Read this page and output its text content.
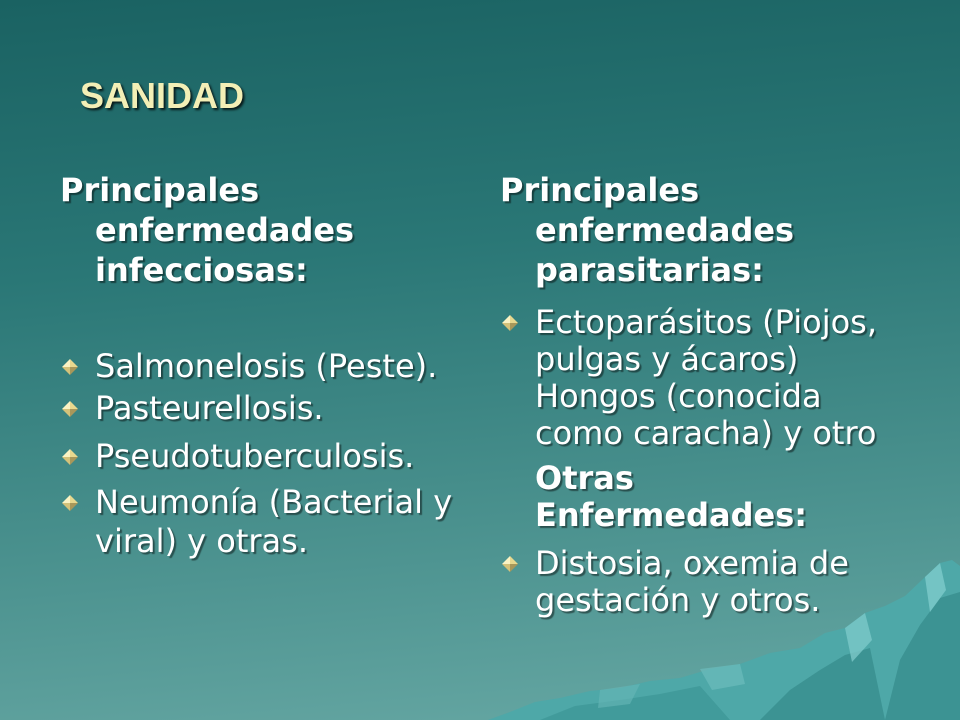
SANIDAD
Principales enfermedades infecciosas:
Salmonelosis (Peste).
Pasteurellosis.
Pseudotuberculosis.
Neumonía (Bacterial y viral) y otras.
Principales enfermedades parasitarias:
Ectoparásitos (Piojos, pulgas y ácaros) Hongos (conocida como caracha) y otro
Otras Enfermedades:
Distosia, oxemia de gestación y otros.
